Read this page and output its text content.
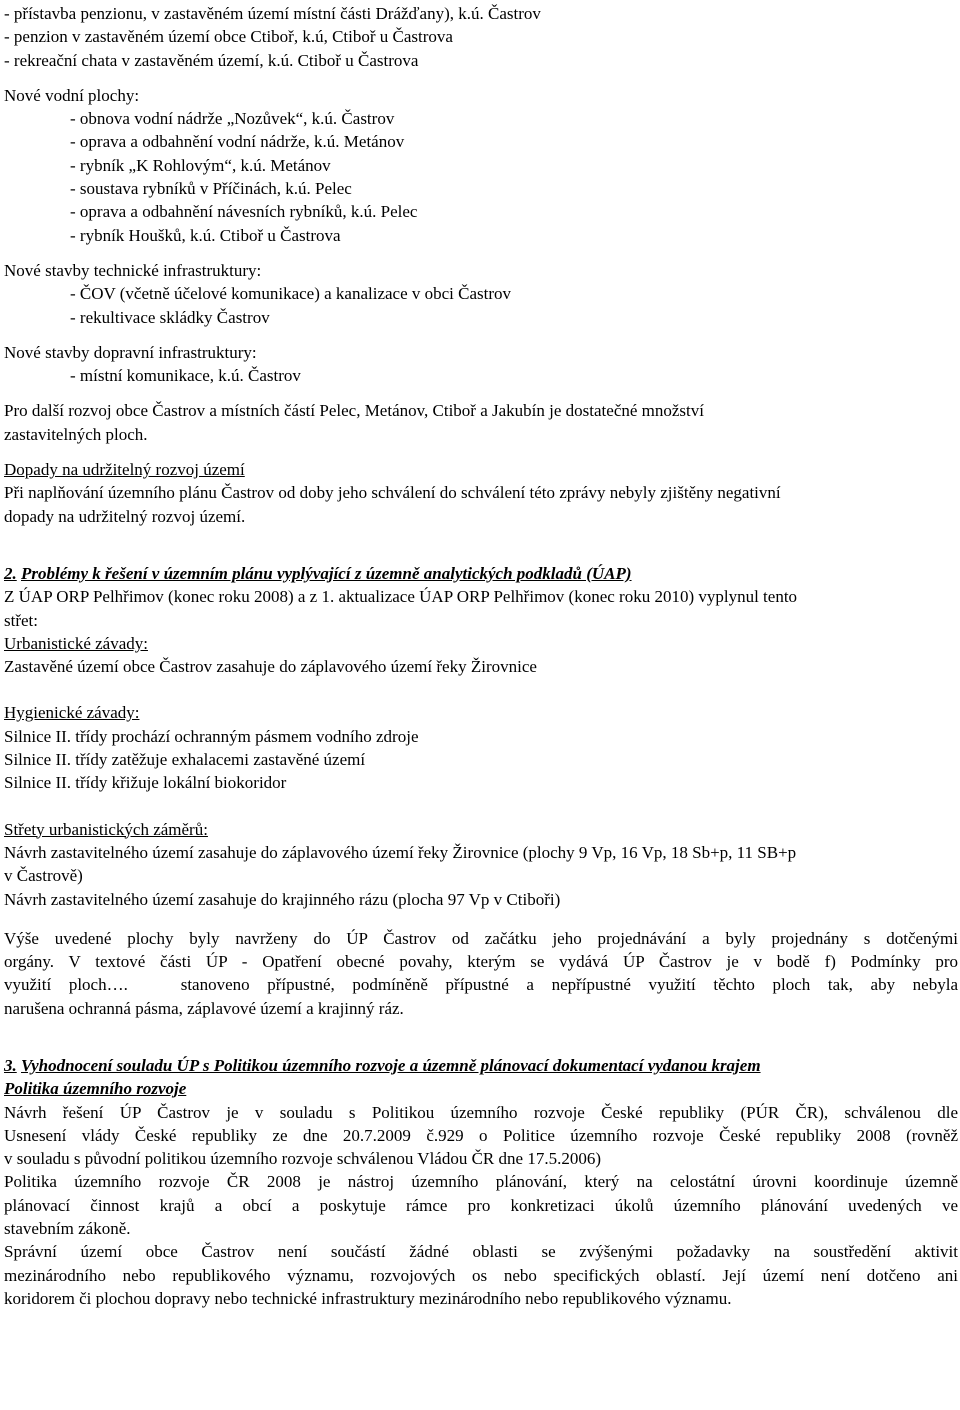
- přístavba penzionu, v zastavěném území místní části Drážďany), k.ú. Častrov

- penzion v zastavěném území obce Ctiboř, k.ú, Ctiboř u Častrova

- rekreační chata v zastavěném území, k.ú. Ctiboř u Častrova

Nové vodní plochy:

- obnova vodní nádrže „Nozůvek“, k.ú. Častrov

- oprava a odbahnění vodní nádrže, k.ú. Metánov

- rybník „K Rohlovým“, k.ú. Metánov

- soustava rybníků v Příčinách, k.ú. Pelec

- oprava a odbahnění návesních rybníků, k.ú. Pelec

- rybník Houšků, k.ú. Ctiboř u Častrova

Nové stavby technické infrastruktury:

- ČOV (včetně účelové komunikace) a kanalizace v obci Častrov

- rekultivace skládky Častrov

Nové stavby dopravní infrastruktury:

- místní komunikace, k.ú. Častrov

Pro další rozvoj obce Častrov a místních částí Pelec, Metánov, Ctiboř a Jakubín je dostatečné množství

zastavitelných ploch.

Dopady na udržitelný rozvoj území

Při naplňování územního plánu Častrov od doby jeho schválení do schválení této zprávy nebyly zjištěny negativní

dopady na udržitelný rozvoj území.

2. Problémy k řešení v územním plánu vyplývající z územně analytických podkladů (ÚAP)

Z ÚAP ORP Pelhřimov (konec roku 2008) a z 1. aktualizace ÚAP ORP Pelhřimov (konec roku 2010) vyplynul tento

střet:

Urbanistické závady:

Zastavěné území obce Častrov zasahuje do záplavového území řeky Žirovnice

Hygienické závady:

Silnice II. třídy prochází ochranným pásmem vodního zdroje

Silnice II. třídy zatěžuje exhalacemi zastavěné území

Silnice II. třídy křižuje lokální biokoridor

Střety urbanistických záměrů:

Návrh zastavitelného území zasahuje do záplavového území řeky Žirovnice (plochy 9 Vp, 16 Vp, 18 Sb+p, 11 SB+p

v Častrově)

Návrh zastavitelného území zasahuje do krajinného rázu (plocha 97 Vp v Ctiboři)

Výše uvedené plochy byly navrženy do ÚP Častrov od začátku jeho projednávání a byly projednány s dotčenými

orgány. V textové části ÚP - Opatření obecné povahy, kterým se vydává ÚP Častrov je v bodě f) Podmínky pro

využití ploch….   stanoveno přípustné, podmíněně přípustné a nepřípustné využití těchto ploch tak, aby nebyla

narušena ochranná pásma, záplavové území a krajinný ráz.

3. Vyhodnocení souladu ÚP s Politikou územního rozvoje a územně plánovací dokumentací vydanou krajem

Politika územního rozvoje

Návrh řešení ÚP Častrov je v souladu s Politikou územního rozvoje České republiky (PÚR ČR), schválenou dle

Usnesení vlády České republiky ze dne 20.7.2009 č.929 o Politice územního rozvoje České republiky 2008 (rovněž

v souladu s původní politikou územního rozvoje schválenou Vládou ČR dne 17.5.2006)

Politika územního rozvoje ČR 2008 je nástroj územního plánování, který na celostátní úrovni koordinuje územně

plánovací činnost krajů a obcí a poskytuje rámce pro konkretizaci úkolů územního plánování uvedených ve

stavebním zákoně.

Správní území obce Častrov není součástí žádné oblasti se zvýšenými požadavky na soustředění aktivit

mezinárodního nebo republikového významu, rozvojových os nebo specifických oblastí. Její území není dotčeno ani

koridorem či plochou dopravy nebo technické infrastruktury mezinárodního nebo republikového významu.
